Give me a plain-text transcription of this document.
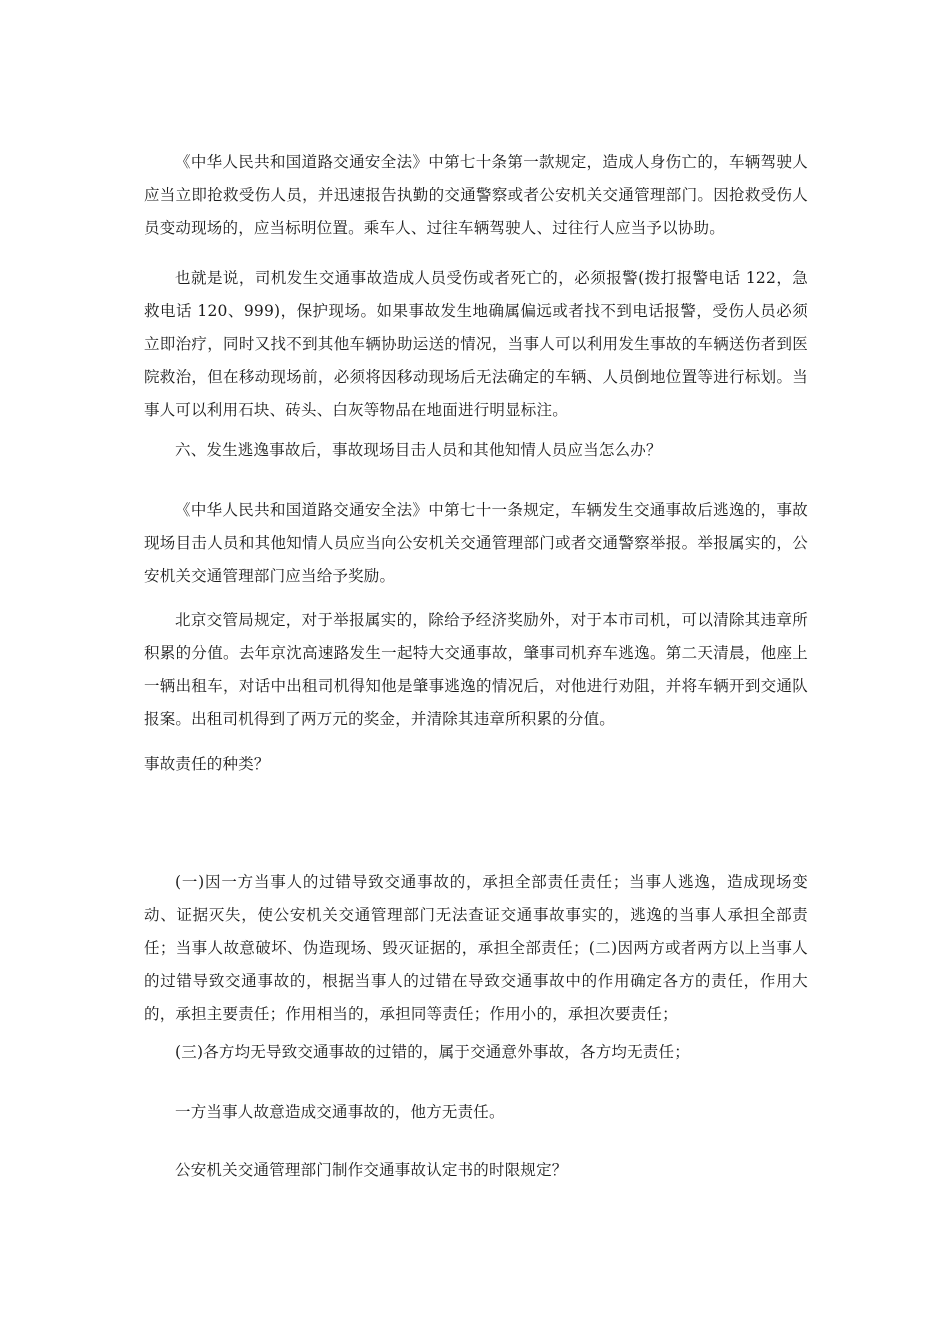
《中华人民共和国道路交通安全法》中第七十条第一款规定，造成人身伤亡的，车辆驾驶人应当立即抢救受伤人员，并迅速报告执勤的交通警察或者公安机关交通管理部门。因抢救受伤人员变动现场的，应当标明位置。乘车人、过往车辆驾驶人、过往行人应当予以协助。

也就是说，司机发生交通事故造成人员受伤或者死亡的，必须报警(拨打报警电话 122，急救电话 120、999)，保护现场。如果事故发生地确属偏远或者找不到电话报警，受伤人员必须立即治疗，同时又找不到其他车辆协助运送的情况，当事人可以利用发生事故的车辆送伤者到医院救治，但在移动现场前，必须将因移动现场后无法确定的车辆、人员倒地位置等进行标划。当事人可以利用石块、砖头、白灰等物品在地面进行明显标注。

六、发生逃逸事故后，事故现场目击人员和其他知情人员应当怎么办？

《中华人民共和国道路交通安全法》中第七十一条规定，车辆发生交通事故后逃逸的，事故现场目击人员和其他知情人员应当向公安机关交通管理部门或者交通警察举报。举报属实的，公安机关交通管理部门应当给予奖励。

北京交管局规定，对于举报属实的，除给予经济奖励外，对于本市司机，可以清除其违章所积累的分值。去年京沈高速路发生一起特大交通事故，肇事司机弃车逃逸。第二天清晨，他座上一辆出租车，对话中出租司机得知他是肇事逃逸的情况后，对他进行劝阻，并将车辆开到交通队报案。出租司机得到了两万元的奖金，并清除其违章所积累的分值。

事故责任的种类？

(一)因一方当事人的过错导致交通事故的，承担全部责任责任；当事人逃逸，造成现场变动、证据灭失，使公安机关交通管理部门无法查证交通事故事实的，逃逸的当事人承担全部责任；当事人故意破坏、伪造现场、毁灭证据的，承担全部责任；(二)因两方或者两方以上当事人的过错导致交通事故的，根据当事人的过错在导致交通事故中的作用确定各方的责任，作用大的，承担主要责任；作用相当的，承担同等责任；作用小的，承担次要责任；

(三)各方均无导致交通事故的过错的，属于交通意外事故，各方均无责任；

一方当事人故意造成交通事故的，他方无责任。

公安机关交通管理部门制作交通事故认定书的时限规定？
